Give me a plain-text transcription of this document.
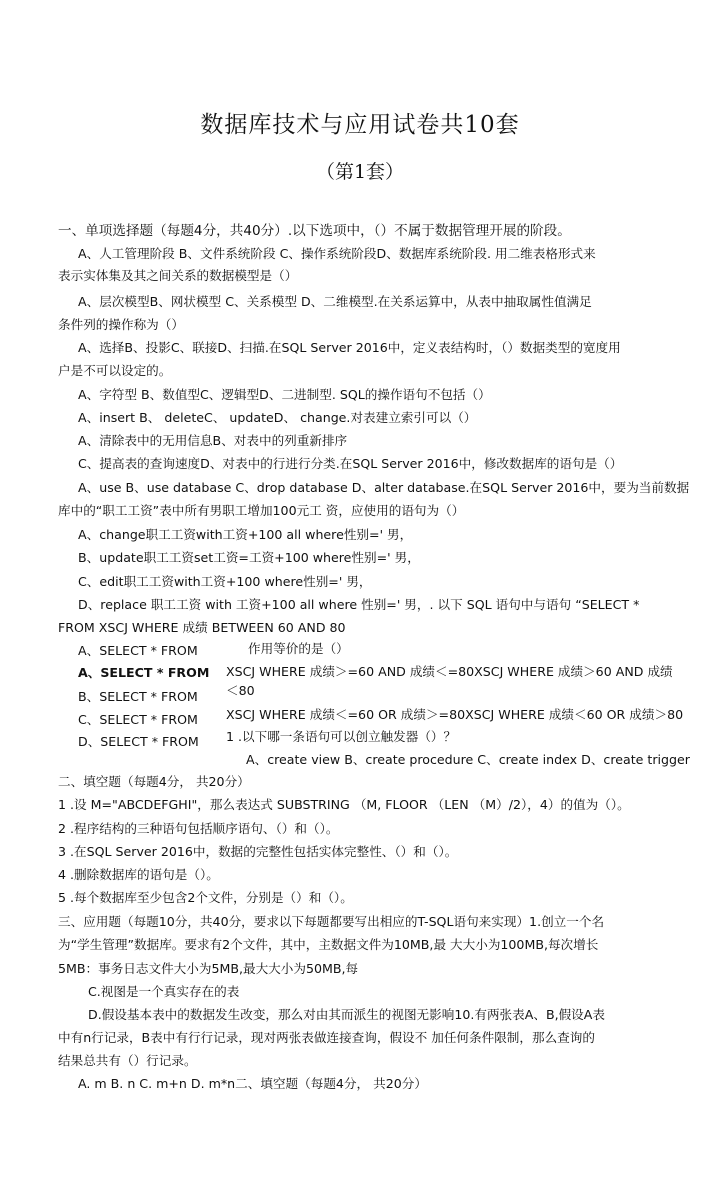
数据库技术与应用试卷共10套
（第1套）
一、单项选择题（每题4分，共40分）.以下选项中，（）不属于数据管理开展的阶段。
A、人工管理阶段 B、文件系统阶段 C、操作系统阶段D、数据库系统阶段. 用二维表格形式来
表示实体集及其之间关系的数据模型是（）
A、层次模型B、网状模型 C、关系模型 D、二维模型.在关系运算中，从表中抽取属性值满足
条件列的操作称为（）
A、选择B、投影C、联接D、扫描.在SQL Server 2016中，定义表结构时，（）数据类型的宽度用
户是不可以设定的。
A、字符型 B、数值型C、逻辑型D、二进制型. SQL的操作语句不包括（）
A、insert B、 deleteC、 updateD、 change.对表建立索引可以（）
A、清除表中的无用信息B、对表中的列重新排序
C、提高表的查询速度D、对表中的行进行分类.在SQL Server 2016中，修改数据库的语句是（）
A、use B、use database C、drop database D、alter database.在SQL Server 2016中，要为当前数据
库中的“职工工资”表中所有男职工增加100元工 资，应使用的语句为（）
A、change职工工资with工资+100 all where性别=' 男，
B、update职工工资set工资=工资+100 where性别=' 男，
C、edit职工工资with工资+100 where性别=' 男，
D、replace 职工工资 with 工资+100 all where 性别=' 男，. 以下 SQL 语句中与语句 “SELECT *
FROM XSCJ WHERE 成绩 BETWEEN 60 AND 80
A、SELECT * FROM	作用等价的是（）
A、SELECT * FROM XSCJ WHERE 成绩＞=60 AND 成绩＜=80XSCJ WHERE 成绩＞60 AND 成绩
＜80
B、SELECT * FROM
C、SELECT * FROM XSCJ WHERE 成绩＜=60 OR 成绩＞=80XSCJ WHERE 成绩＜60 OR 成绩＞80
D、SELECT * FROM 1 .以下哪一条语句可以创立触发器（）？
A、create view B、create procedure C、create index D、create trigger
二、填空题（每题4分， 共20分）
1 .设 M="ABCDEFGHI"，那么表达式 SUBSTRING （M, FLOOR （LEN （M）/2），4）的值为（）。
2 .程序结构的三种语句包括顺序语句、（）和（）。
3 .在SQL Server 2016中，数据的完整性包括实体完整性、（）和（）。
4 .删除数据库的语句是（）。
5 .每个数据库至少包含2个文件，分别是（）和（）。
三、应用题（每题10分，共40分，要求以下每题都要写出相应的T-SQL语句来实现）1.创立一个名
为“学生管理”数据库。要求有2个文件，其中，主数据文件为10MB,最 大大小为100MB,每次增长
5MB：事务日志文件大小为5MB,最大大小为50MB,每
C.视图是一个真实存在的表
D.假设基本表中的数据发生改变，那么对由其而派生的视图无影响10.有两张表A、B,假设A表
中有n行记录，B表中有行行记录，现对两张表做连接查询，假设不 加任何条件限制，那么查询的
结果总共有（）行记录。
A. m B. n C. m+n D. m*n二、填空题（每题4分， 共20分）
